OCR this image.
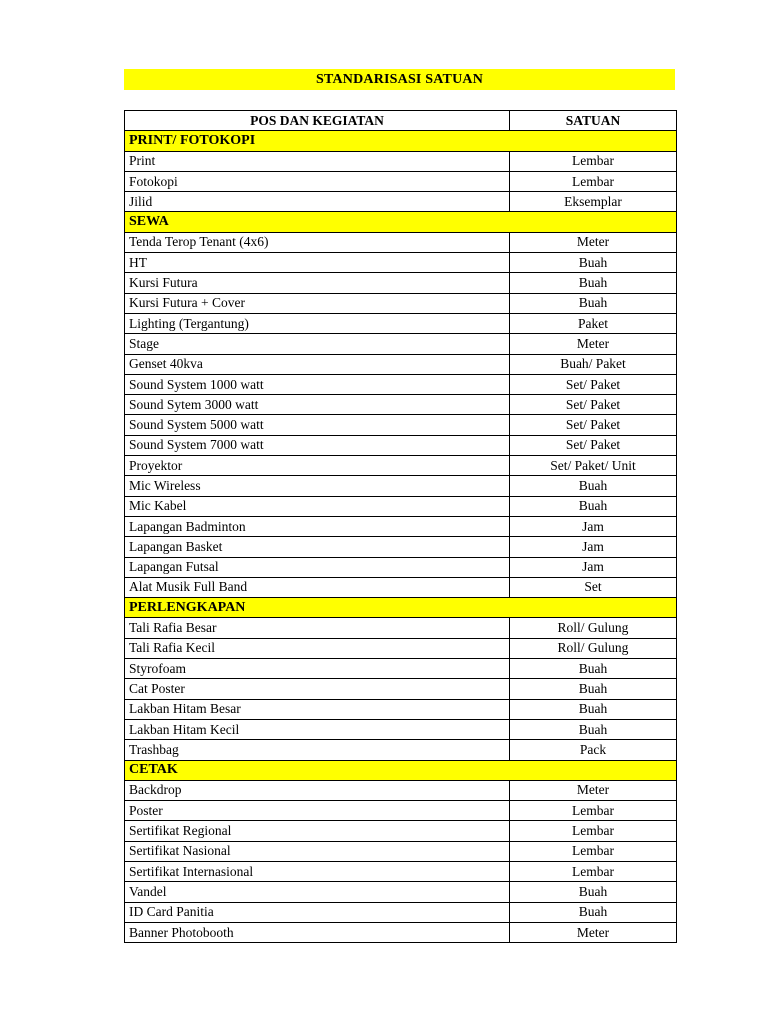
STANDARISASI SATUAN
POS DAN KEGIATAN	SATUAN
PRINT/ FOTOKOPI	
Print	Lembar
Fotokopi	Lembar
Jilid	Eksemplar
SEWA	
Tenda Terop Tenant (4x6)	Meter
HT	Buah
Kursi Futura	Buah
Kursi Futura + Cover	Buah
Lighting (Tergantung)	Paket
Stage	Meter
Genset 40kva	Buah/ Paket
Sound System 1000 watt	Set/ Paket
Sound Sytem 3000 watt	Set/ Paket
Sound System 5000 watt	Set/ Paket
Sound System 7000 watt	Set/ Paket
Proyektor	Set/ Paket/ Unit
Mic Wireless	Buah
Mic Kabel	Buah
Lapangan Badminton	Jam
Lapangan Basket	Jam
Lapangan Futsal	Jam
Alat Musik Full Band	Set
PERLENGKAPAN	
Tali Rafia Besar	Roll/ Gulung
Tali Rafia Kecil	Roll/ Gulung
Styrofoam	Buah
Cat Poster	Buah
Lakban Hitam Besar	Buah
Lakban Hitam Kecil	Buah
Trashbag	Pack
CETAK	
Backdrop	Meter
Poster	Lembar
Sertifikat Regional	Lembar
Sertifikat Nasional	Lembar
Sertifikat Internasional	Lembar
Vandel	Buah
ID Card Panitia	Buah
Banner Photobooth	Meter
